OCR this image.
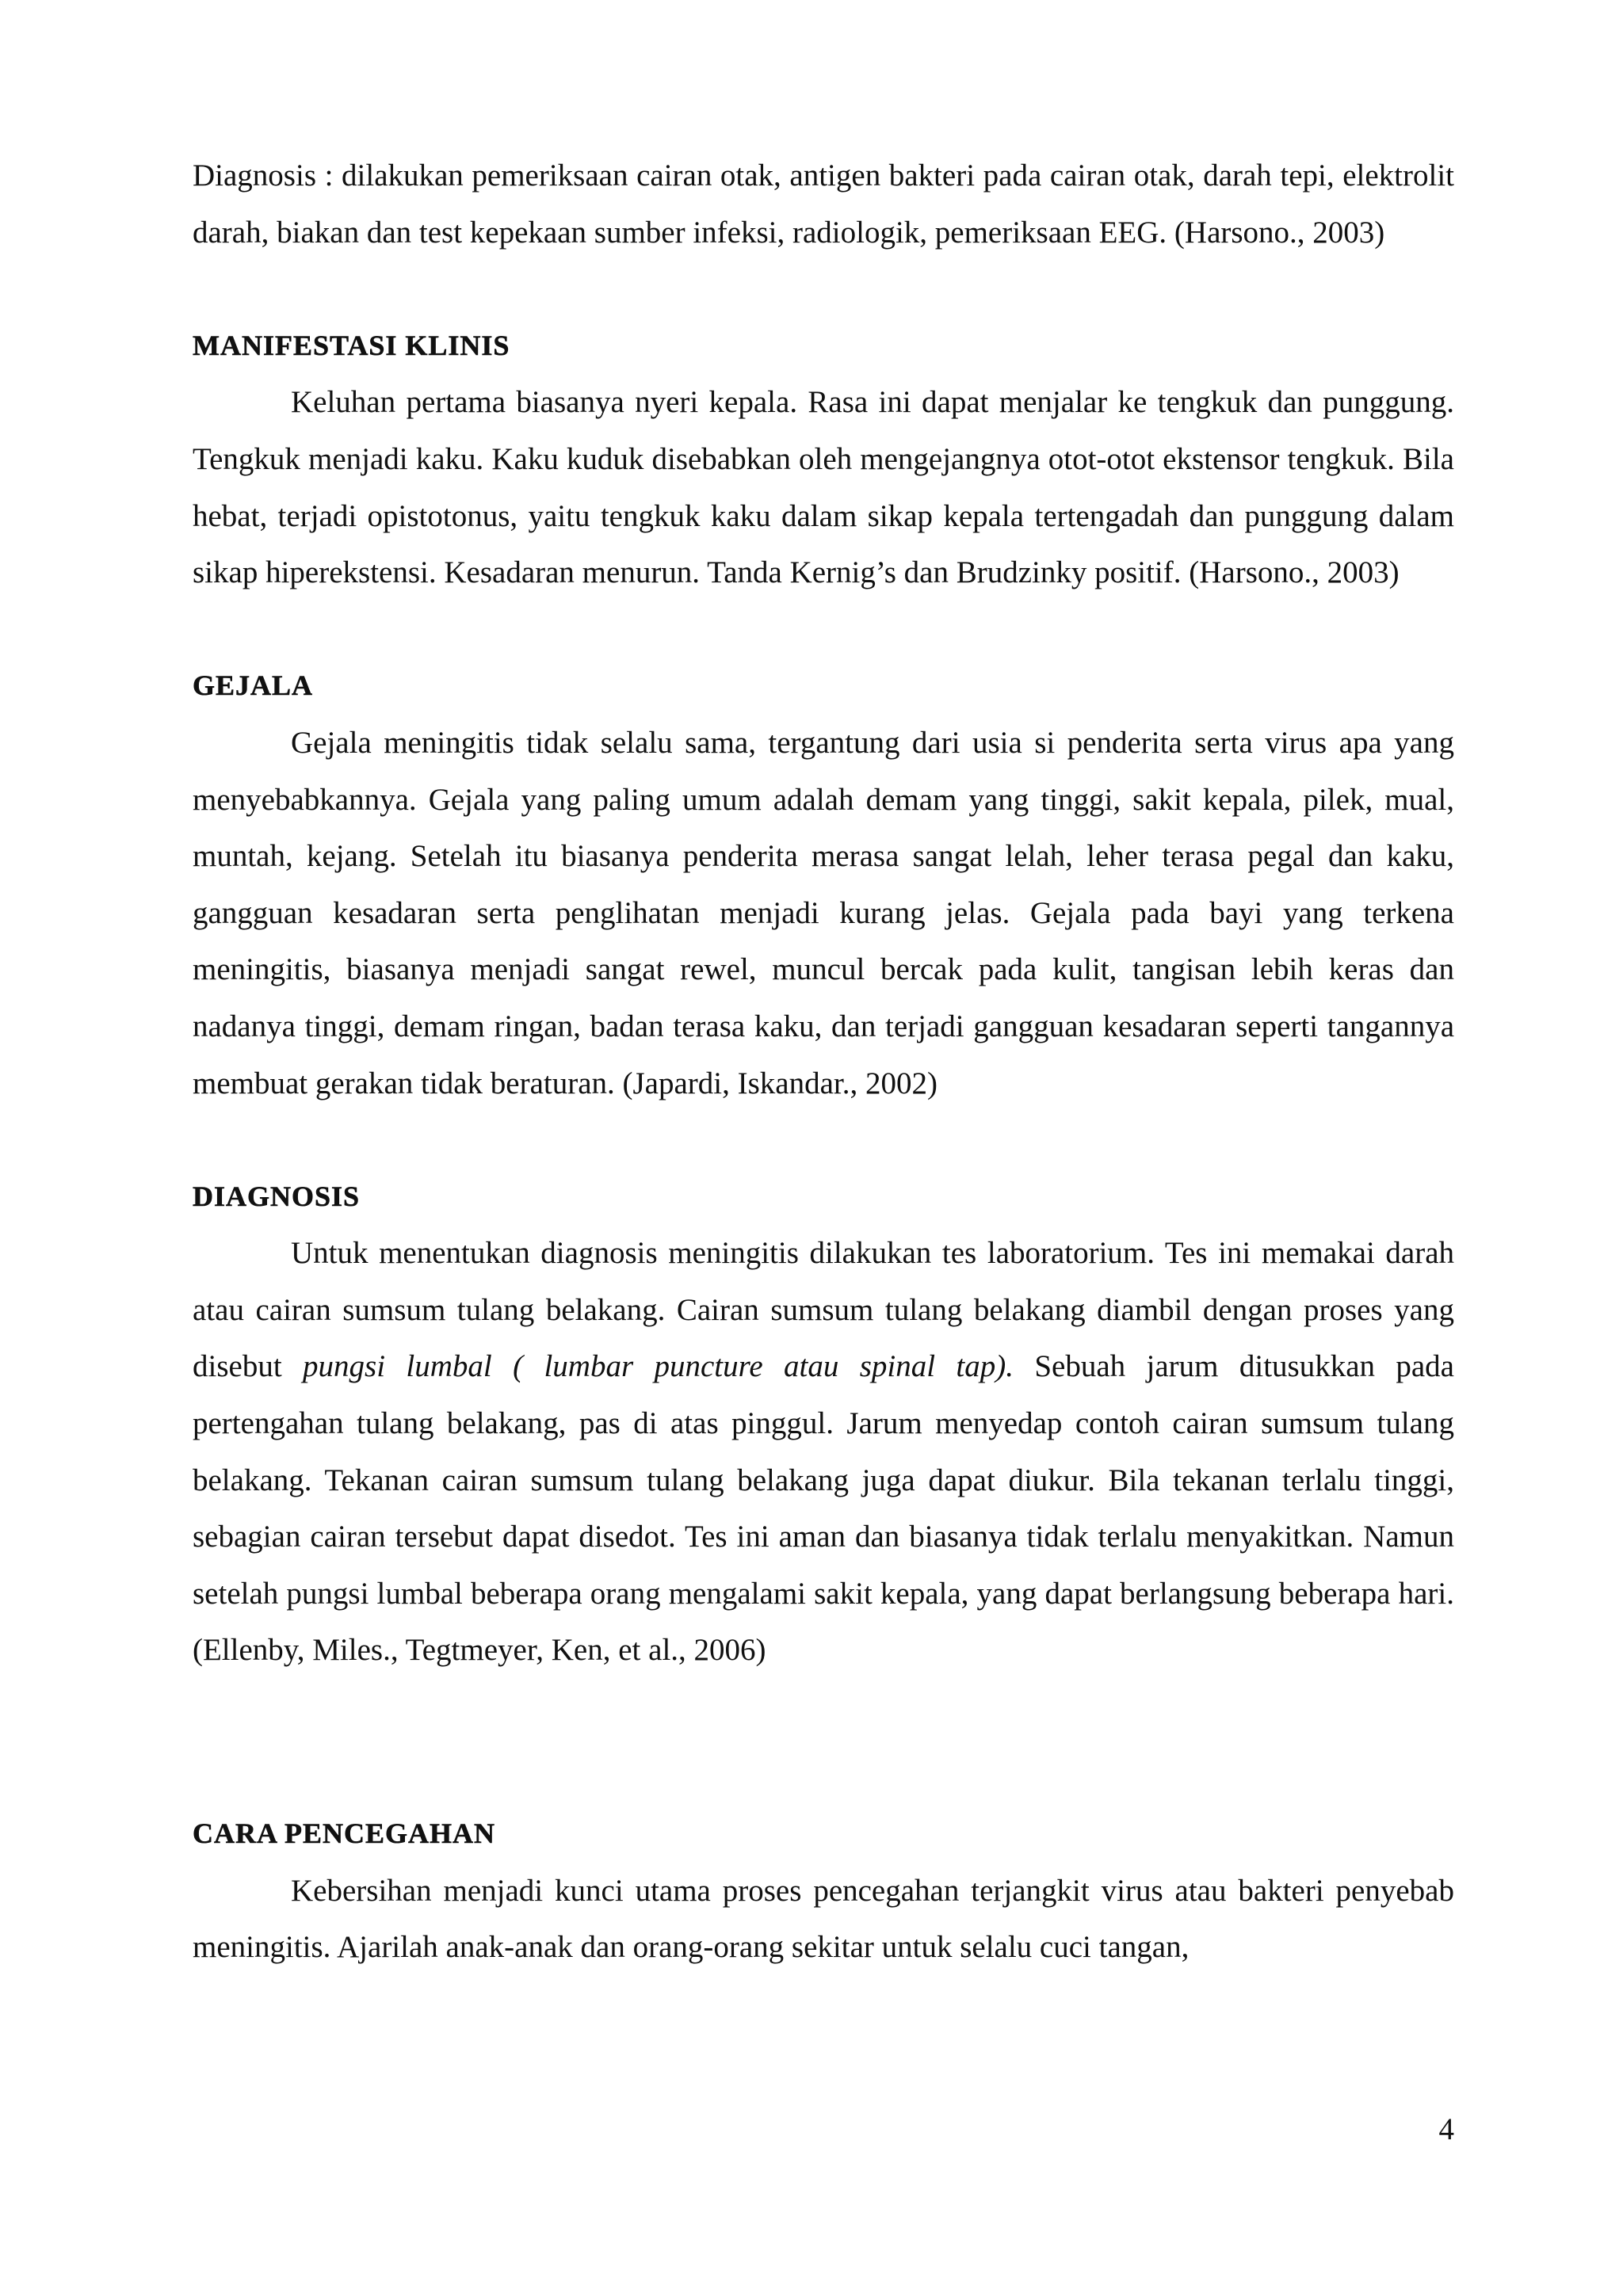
Diagnosis : dilakukan pemeriksaan cairan otak, antigen bakteri pada cairan otak, darah tepi, elektrolit darah, biakan dan test kepekaan sumber infeksi, radiologik, pemeriksaan EEG. (Harsono., 2003)

MANIFESTASI KLINIS

Keluhan pertama biasanya nyeri kepala. Rasa ini dapat menjalar ke tengkuk dan punggung. Tengkuk menjadi kaku. Kaku kuduk disebabkan oleh mengejangnya otot-otot ekstensor tengkuk. Bila hebat, terjadi opistotonus, yaitu tengkuk kaku dalam sikap kepala tertengadah dan punggung dalam sikap hiperekstensi. Kesadaran menurun. Tanda Kernig’s dan Brudzinky positif. (Harsono., 2003)

GEJALA

Gejala meningitis tidak selalu sama, tergantung dari usia si penderita serta virus apa yang menyebabkannya. Gejala yang paling umum adalah demam yang tinggi, sakit kepala, pilek, mual, muntah, kejang. Setelah itu biasanya penderita merasa sangat lelah, leher terasa pegal dan kaku, gangguan kesadaran serta penglihatan menjadi kurang jelas. Gejala pada bayi yang terkena meningitis, biasanya menjadi sangat rewel, muncul bercak pada kulit, tangisan lebih keras dan nadanya tinggi, demam ringan, badan terasa kaku, dan terjadi gangguan kesadaran seperti tangannya membuat gerakan tidak beraturan. (Japardi, Iskandar., 2002)

DIAGNOSIS

Untuk menentukan diagnosis meningitis dilakukan tes laboratorium. Tes ini memakai darah atau cairan sumsum tulang belakang. Cairan sumsum tulang belakang diambil dengan proses yang disebut pungsi lumbal ( lumbar puncture atau spinal tap). Sebuah jarum ditusukkan pada pertengahan tulang belakang, pas di atas pinggul. Jarum menyedap contoh cairan sumsum tulang belakang. Tekanan cairan sumsum tulang belakang juga dapat diukur. Bila tekanan terlalu tinggi, sebagian cairan tersebut dapat disedot. Tes ini aman dan biasanya tidak terlalu menyakitkan. Namun setelah pungsi lumbal beberapa orang mengalami sakit kepala, yang dapat berlangsung beberapa hari. (Ellenby, Miles., Tegtmeyer, Ken, et al., 2006)

CARA PENCEGAHAN

Kebersihan menjadi kunci utama proses pencegahan terjangkit virus atau bakteri penyebab meningitis. Ajarilah anak-anak dan orang-orang sekitar untuk selalu cuci tangan,

4
